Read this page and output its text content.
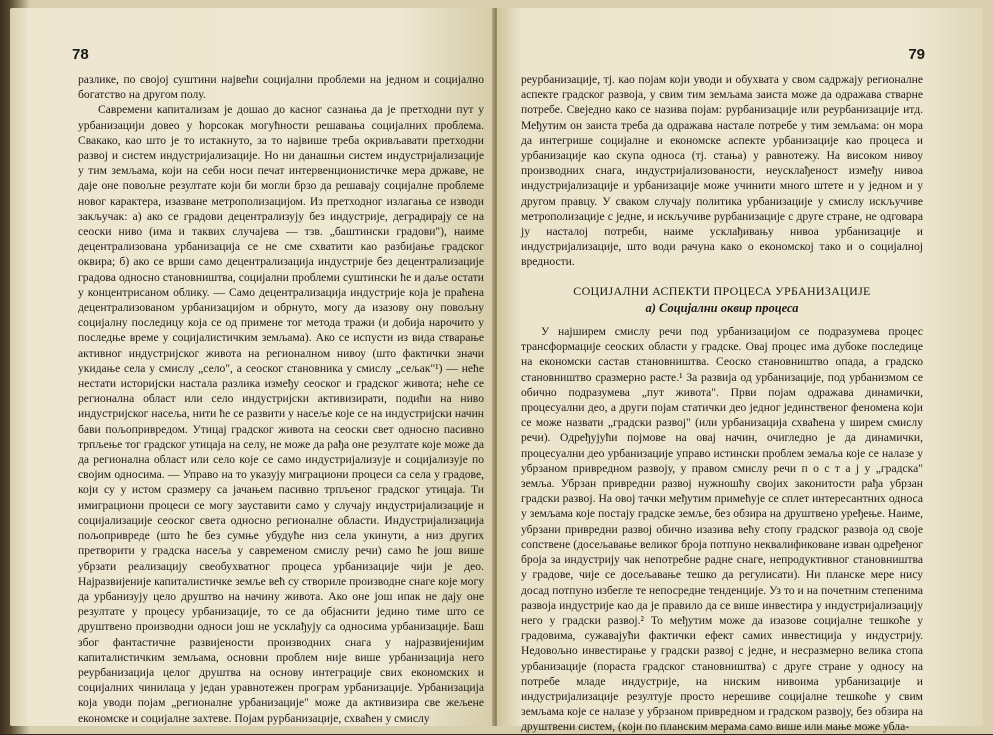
78

разлике, по својој суштини највећи социјални проблеми на једном и социјално богатство на другом полу.

Савремени капитализам је дошао до касног сазнања да је претходни пут у урбанизацији довео у ћорсокак могућности решавања социјалних проблема. Свакако, као што је то истакнуто, за то највише треба окривљавати претходни развој и систем индустријализације. Но ни данашњи систем индустријализације у тим земљама, који на себи носи печат интервенционистичке мера државе, не даје оне повољне резултате који би могли брзо да решавају социјалне проблеме новог карактера, изазване метрополизацијом. Из претходног излагања се изводи закључак: а) ако се градови децентрализују без индустрије, деградирају се на сеоски ниво (има и таквих случајева — тзв. „баштински градови"), наиме децентрализована урбанизација се не сме схватити као разбијање градског оквира; б) ако се врши само децентрализација индустрије без децентрализације градова односно становништва, социјални проблеми суштински ће и даље остати у концентрисаном облику. — Само децентрализација индустрије која је праћена децентрализованом урбанизацијом и обрнуто, могу да изазову ону повољну социјалну последицу која се од примене тог метода тражи (и добија нарочито у последње време у социјалистичким земљама). Ако се испусти из вида стварање активног индустријског живота на регионалном нивоу (што фактички значи укидање села у смислу „село", а сеоског становника у смислу „сељак"¹) — неће нестати историјски настала разлика између сеоског и градског живота; неће се регионална област или село индустријски активизирати, подићи на ниво индустријског насеља, нити ће се развити у насеље које се на индустријски начин бави пољопривредом. Утицај градског живота на сеоски свет односно пасивно трпљење тог градског утицаја на селу, не може да рађа оне резултате које може да да регионална област или село које се само индустријализује и социјализује по својим односима. — Управо на то указују миграциони процеси са села у градове, који су у истом сразмеру са јачањем пасивно трпљеног градског утицаја. Ти имиграциони процеси се могу зауставити само у случају индустријализације и социјализације сеоског света односно регионалне области. Индустријализација пољопривреде (што ће без сумње убудуће низ села укинути, а низ других претворити у градска насеља у савременом смислу речи) само ће још више убрзати реализацију свеобухватног процеса урбанизације чији је део. Најразвијеније капиталистичке земље већ су створиле производне снаге које могу да урбанизују цело друштво на начину живота. Ако оне још ипак не дају оне резултате у процесу урбанизације, то се да објаснити једино тиме што се друштвено производни односи још не усклађују са односима урбанизације. Баш због фантастичне развијености производних снага у најразвијенијим капиталистичким земљама, основни проблем није више урбанизација него реурбанизација целог друштва на основу интеграције свих економских и социјалних чинилаца у један уравнотежен програм урбанизације. Урбанизација која уводи појам „регионалне урбанизације" може да активизира све жељене економске и социјалне захтеве. Појам рурбанизације, схваћен у смислу

79

реурбанизације, тј. као појам који уводи и обухвата у свом садржају регионалне аспекте градског развоја, у свим тим земљама заиста може да одражава стварне потребе. Свеједно како се назива појам: рурбанизације или реурбанизације итд. Међутим он заиста треба да одражава настале потребе у тим земљама: он мора да интегрише социјалне и економске аспекте урбанизације као процеса и урбанизације као скупа односа (тј. стања) у равнотежу. На високом нивоу производних снага, индустријализованости, неусклађеност између нивоа индустријализације и урбанизације може учинити много штете и у једном и у другом правцу. У сваком случају политика урбанизације у смислу искључиве метрополизације с једне, и искључиве рурбанизације с друге стране, не одговара ју насталој потреби, наиме усклађивању нивоа урбанизације и индустријализације, што води рачуна како о економској тако и о социјалној вредности.

СОЦИЈАЛНИ АСПЕКТИ ПРОЦЕСА УРБАНИЗАЦИЈЕ
а) Социјални оквир процеса

У најширем смислу речи под урбанизацијом се подразумева процес трансформације сеоских области у градске. Овај процес има дубоке последице на економски састав становништва. Сеоско становништво опада, а градско становништво сразмерно расте.¹ За развија од урбанизације, под урбанизмом се обично подразумева „пут живота". Први појам одражава динамички, процесуални део, а други појам статички део једног јединственог феномена који се може назвати „градски развој" (или урбанизација схваћена у ширем смислу речи). Одређујући појмове на овај начин, очигледно је да динамички, процесуални део урбанизације управо истински проблем земаља које се налазе у убрзаном привредном развоју, у правом смислу речи п о с т а ј у „градска" земља. Убрзан привредни развој нужношћу својих законитости рађа убрзан градски развој. На овој тачки међутим примећује се сплет интересантних односа у земљама које постају градске земље, без обзира на друштвено уређење. Наиме, убрзани привредни развој обично изазива већу стопу градског развоја од своје сопствене (досељавање великог броја потпуно неквалификоване изван одређеног броја за индустрију чак непотребне радне снаге, непродуктивног становништва у градове, чије се досељавање тешко да регулисати). Ни планске мере нису досад потпуно избегле те непосредне тенденције. Уз то и на почетним степенима развоја индустрије као да је правило да се више инвестира у индустријализацију него у градски развој.² То међутим може да изазове социјалне тешкоће у градовима, сужавајући фактички ефект самих инвестиција у индустрију. Недовољно инвестирање у градски развој с једне, и несразмерно велика стопа урбанизације (пораста градског становништва) с друге стране у односу на потребе младе индустрије, на ниским нивоима урбанизације и индустријализације резултује просто нерешиве социјалне тешкоће у свим земљама које се налазе у убрзаном привредном и градском развоју, без обзира на друштвени систем, (који по планским мерама само више или мање може убла-
